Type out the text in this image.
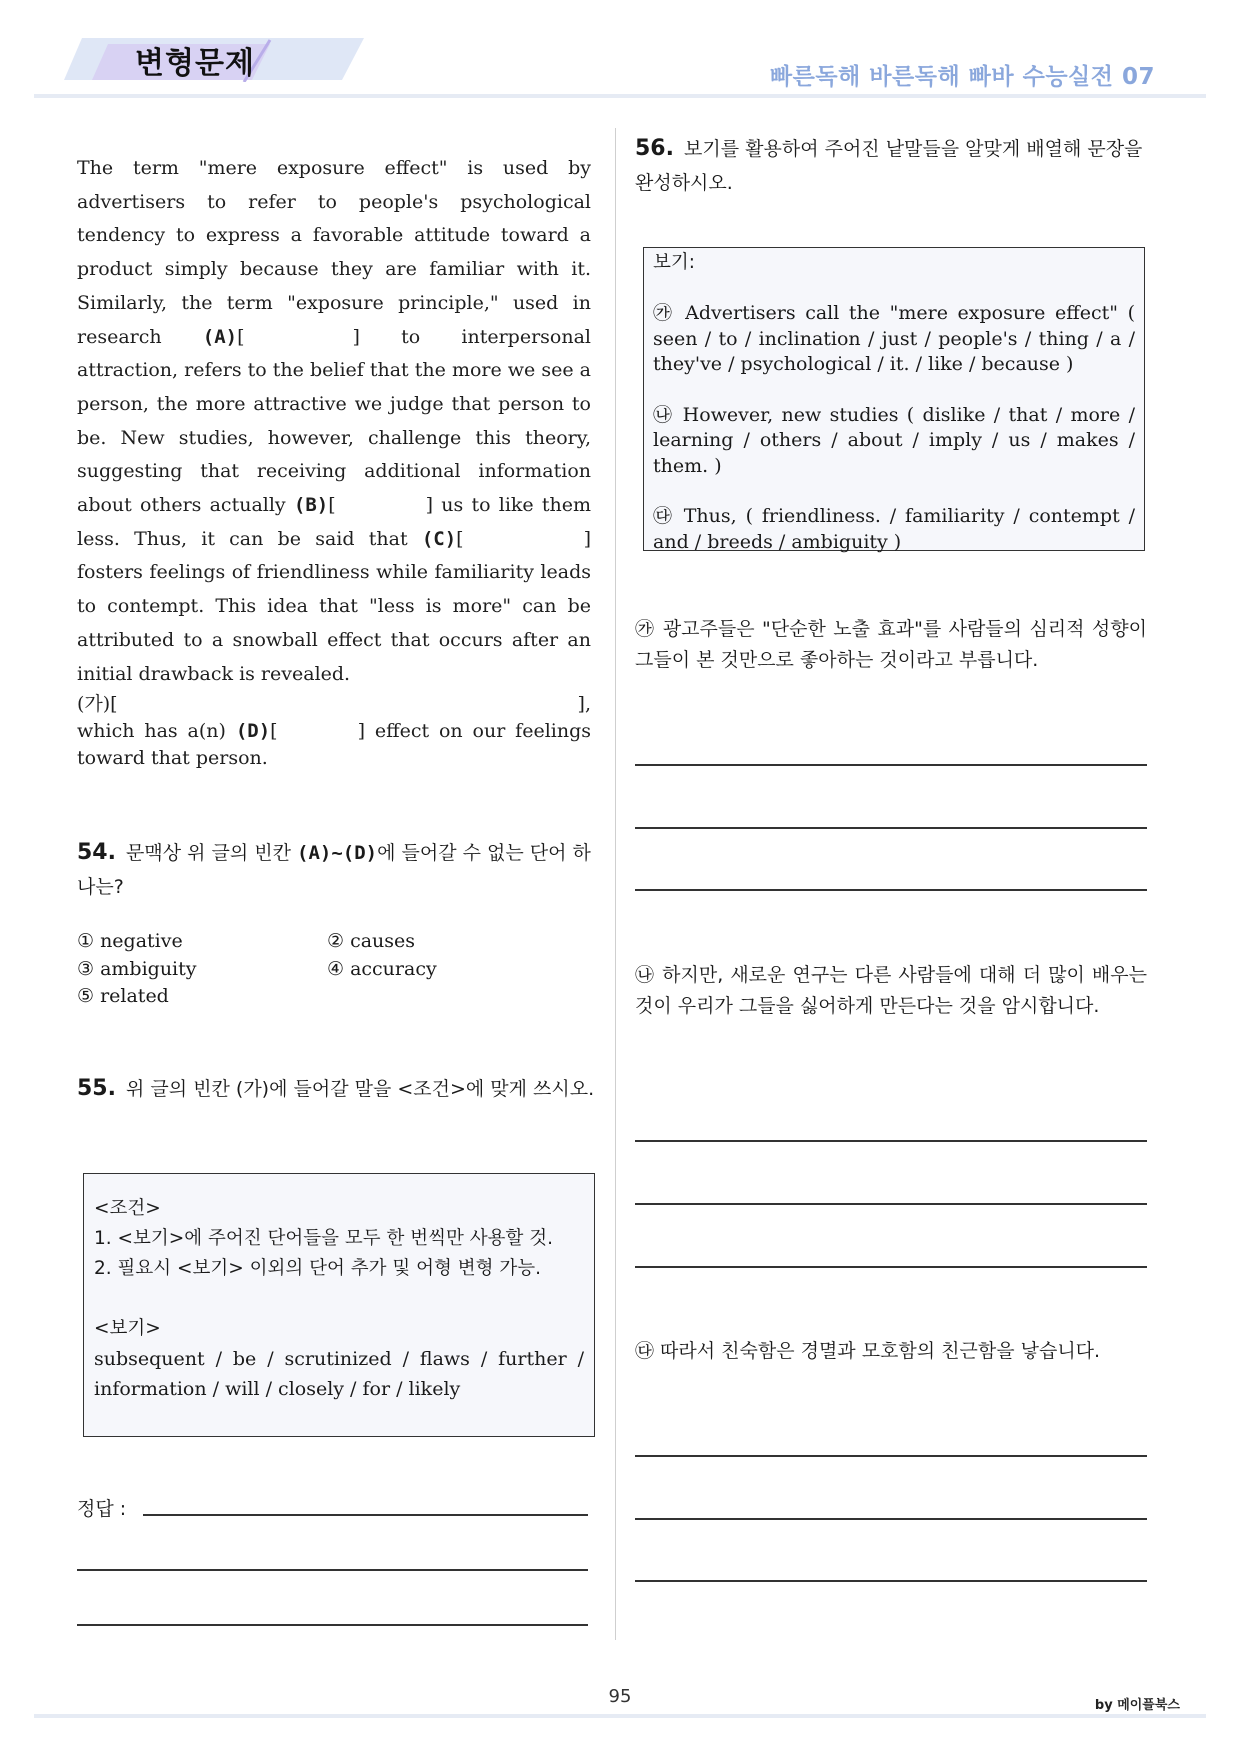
변형문제	빠른독해 바른독해 빠바 수능실전 07

The term "mere exposure effect" is used by advertisers to refer to people's psychological tendency to express a favorable attitude toward a product simply because they are familiar with it. Similarly, the term "exposure principle," used in research (A)[	] to interpersonal attraction, refers to the belief that the more we see a person, the more attractive we judge that person to be. New studies, however, challenge this theory, suggesting that receiving additional information about others actually (B)[	] us to like them less. Thus, it can be said that (C)[	] fosters feelings of friendliness while familiarity leads to contempt. This idea that "less is more" can be attributed to a snowball effect that occurs after an initial drawback is revealed.

(가)[	],

which has a(n) (D)[	] effect on our feelings toward that person.

54. 문맥상 위 글의 빈칸 (A)~(D)에 들어갈 수 없는 단어 하나는?
① negative	② causes
③ ambiguity	④ accuracy
⑤ related
55. 위 글의 빈칸 (가)에 들어갈 말을 <조건>에 맞게 쓰시오.
<조건>
1. <보기>에 주어진 단어들을 모두 한 번씩만 사용할 것.
2. 필요시 <보기> 이외의 단어 추가 및 어형 변형 가능.
<보기>
subsequent / be / scrutinized / flaws / further / information / will / closely / for / likely
정답 :
56. 보기를 활용하여 주어진 낱말들을 알맞게 배열해 문장을 완성하시오.
보기:
㉮ Advertisers call the "mere exposure effect" ( seen / to / inclination / just / people's / thing / a /
they've / psychological / it. / like / because )
㉯ However, new studies ( dislike / that / more / learning / others / about / imply / us / makes /
them. )
㉰ Thus, ( friendliness. / familiarity / contempt /
and / breeds / ambiguity )
㉮ 광고주들은 "단순한 노출 효과"를 사람들의 심리적 성향이 그들이 본 것만으로 좋아하는 것이라고 부릅니다.
㉯ 하지만, 새로운 연구는 다른 사람들에 대해 더 많이 배우는 것이 우리가 그들을 싫어하게 만든다는 것을 암시합니다.
㉰ 따라서 친숙함은 경멸과 모호함의 친근함을 낳습니다.
95	by 메이플북스
